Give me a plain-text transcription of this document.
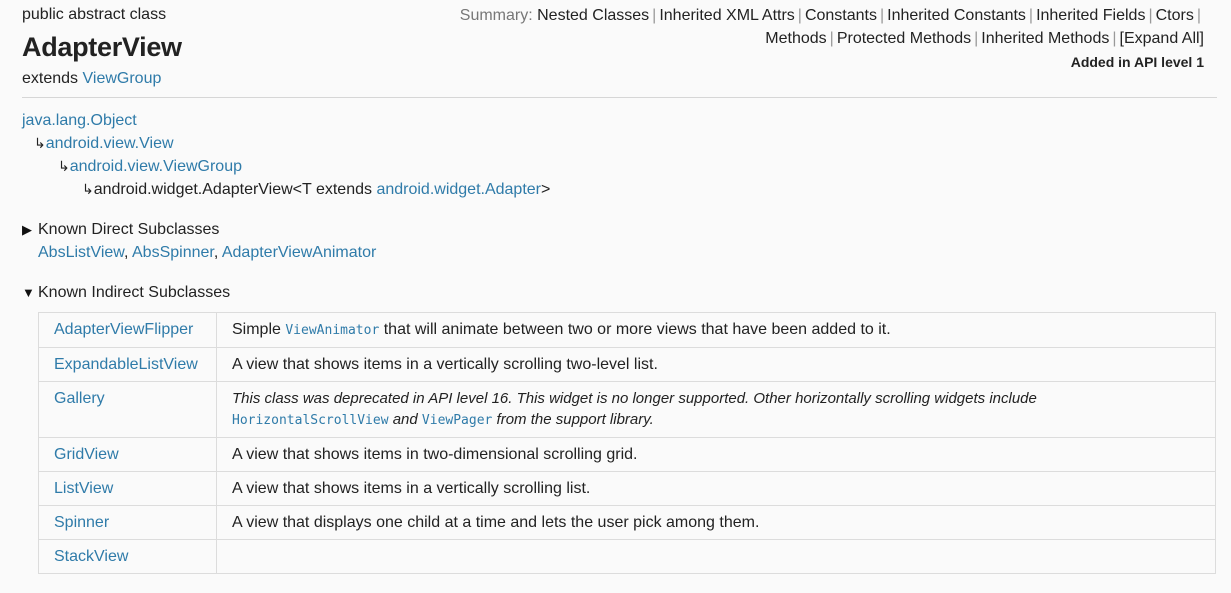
public abstract class
AdapterView
extends ViewGroup
Summary: Nested Classes | Inherited XML Attrs | Constants | Inherited Constants | Inherited Fields | Ctors |
Methods | Protected Methods | Inherited Methods | [Expand All]
Added in API level 1
java.lang.Object
↳android.view.View
↳android.view.ViewGroup
↳android.widget.AdapterView<T extends android.widget.Adapter>
▶ Known Direct Subclasses
AbsListView, AbsSpinner, AdapterViewAnimator
▼ Known Indirect Subclasses
AdapterViewFlipper	Simple ViewAnimator that will animate between two or more views that have been added to it.
ExpandableListView	A view that shows items in a vertically scrolling two-level list.
Gallery	This class was deprecated in API level 16. This widget is no longer supported. Other horizontally scrolling widgets include
HorizontalScrollView and ViewPager from the support library.
GridView	A view that shows items in two-dimensional scrolling grid.
ListView	A view that shows items in a vertically scrolling list.
Spinner	A view that displays one child at a time and lets the user pick among them.
StackView	
